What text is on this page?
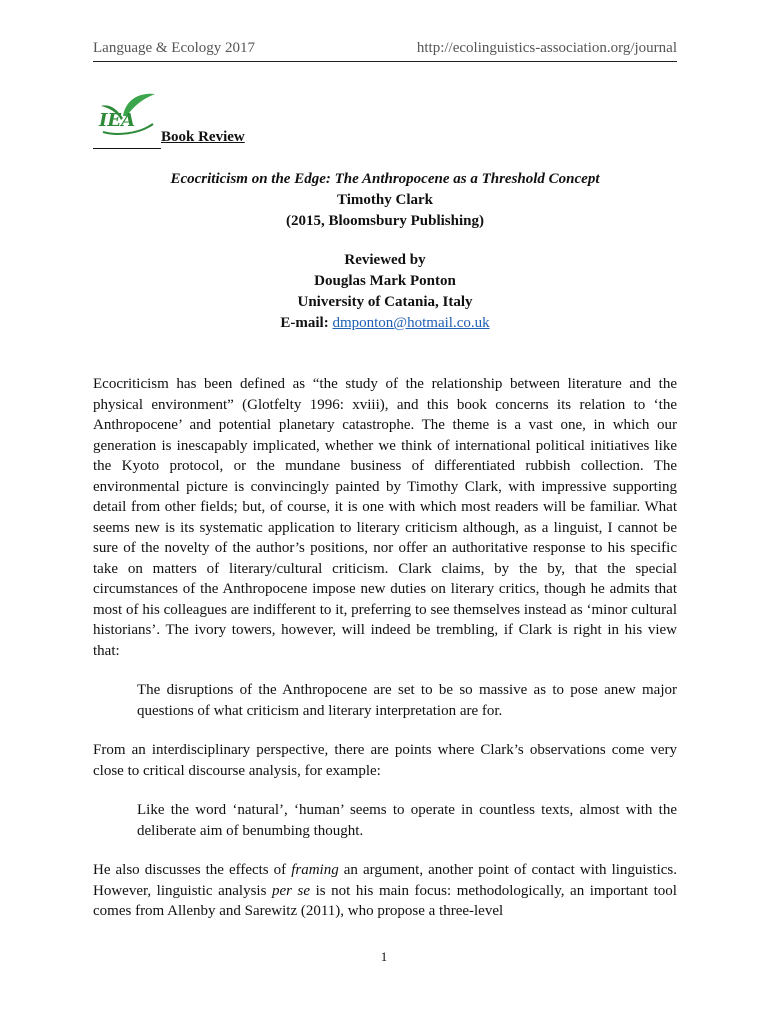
Language & Ecology 2017	http://ecolinguistics-association.org/journal
IEA
Book Review
Ecocriticism on the Edge: The Anthropocene as a Threshold Concept
Timothy Clark
(2015, Bloomsbury Publishing)
Reviewed by
Douglas Mark Ponton
University of Catania, Italy
E-mail: dmponton@hotmail.co.uk

Ecocriticism has been defined as “the study of the relationship between literature and the physical environment” (Glotfelty 1996: xviii), and this book concerns its relation to ‘the Anthropocene’ and potential planetary catastrophe. The theme is a vast one, in which our generation is inescapably implicated, whether we think of international political initiatives like the Kyoto protocol, or the mundane business of differentiated rubbish collection. The environmental picture is convincingly painted by Timothy Clark, with impressive supporting detail from other fields; but, of course, it is one with which most readers will be familiar. What seems new is its systematic application to literary criticism although, as a linguist, I cannot be sure of the novelty of the author’s positions, nor offer an authoritative response to his specific take on matters of literary/cultural criticism. Clark claims, by the by, that the special circumstances of the Anthropocene impose new duties on literary critics, though he admits that most of his colleagues are indifferent to it, preferring to see themselves instead as ‘minor cultural historians’. The ivory towers, however, will indeed be trembling, if Clark is right in his view that:

The disruptions of the Anthropocene are set to be so massive as to pose anew major questions of what criticism and literary interpretation are for.

From an interdisciplinary perspective, there are points where Clark’s observations come very close to critical discourse analysis, for example:

Like the word ‘natural’, ‘human’ seems to operate in countless texts, almost with the deliberate aim of benumbing thought.

He also discusses the effects of framing an argument, another point of contact with linguistics. However, linguistic analysis per se is not his main focus: methodologically, an important tool comes from Allenby and Sarewitz (2011), who propose a three-level

1
